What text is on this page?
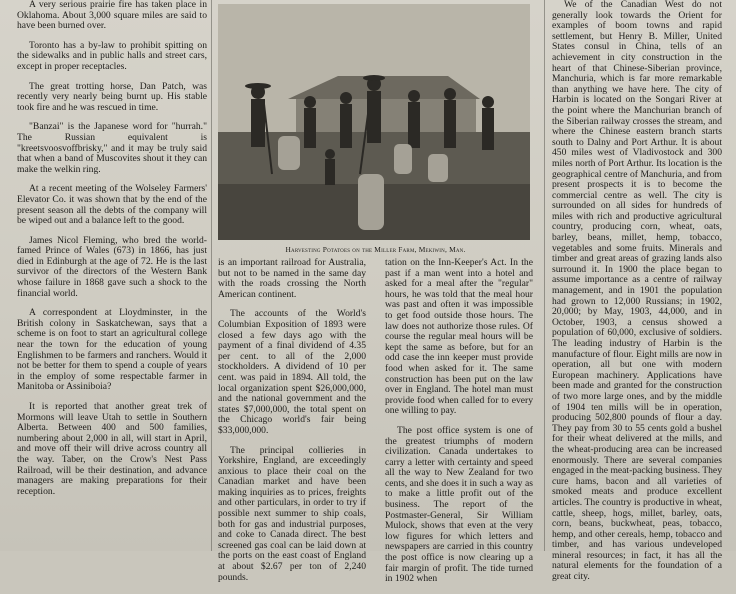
A very serious prairie fire has taken place in Oklahoma. About 3,000 square miles are said to have been burned over.

Toronto has a by-law to prohibit spitting on the sidewalks and in public halls and street cars, except in proper receptacles.

The great trotting horse, Dan Patch, was recently very nearly being burnt up. His stable took fire and he was rescued in time.

"Banzai" is the Japanese word for "hurrah." The Russian equivalent is "kreetsvoosvoffbrisky," and it may be truly said that when a band of Muscovites shout it they can make the welkin ring.

At a recent meeting of the Wolseley Farmers' Elevator Co. it was shown that by the end of the present season all the debts of the company will be wiped out and a balance left to the good.

James Nicol Fleming, who bred the world-famed Prince of Wales (673) in 1866, has just died in Edinburgh at the age of 72. He is the last survivor of the directors of the Western Bank whose failure in 1868 gave such a shock to the financial world.

A correspondent at Lloydminster, in the British colony in Saskatchewan, says that a scheme is on foot to start an agricultural college near the town for the education of young Englishmen to be farmers and ranchers. Would it not be better for them to spend a couple of years in the employ of some respectable farmer in Manitoba or Assiniboia?

It is reported that another great trek of Mormons will leave Utah to settle in Southern Alberta. Between 400 and 500 families, numbering about 2,000 in all, will start in April, and move off their will drive across country all the way. Taber, on the Crow's Nest Pass Railroad, will be their destination, and advance managers are making preparations for their reception.

Harvesting Potatoes on the Miller Farm, Mekiwin, Man.

is an important railroad for Australia, but not to be named in the same day with the roads crossing the North American continent.

The accounts of the World's Columbian Exposition of 1893 were closed a few days ago with the payment of a final dividend of 4.35 per cent. to all of the 2,000 stockholders. A dividend of 10 per cent. was paid in 1894. All told, the local organization spent $26,000,000, and the national government and the states $7,000,000, the total spent on the Chicago world's fair being $33,000,000.

The principal collieries in Yorkshire, England, are exceedingly anxious to place their coal on the Canadian market and have been making inquiries as to prices, freights and other particulars, in order to try if possible next summer to ship coals, both for gas and industrial purposes, and coke to Canada direct. The best screened gas coal can be laid down at the ports on the east coast of England at about $2.67 per ton of 2,240 pounds.

tation on the Inn-Keeper's Act. In the past if a man went into a hotel and asked for a meal after the "regular" hours, he was told that the meal hour was past and often it was impossible to get food outside those hours. The law does not authorize those rules. Of course the regular meal hours will be kept the same as before, but for an odd case the inn keeper must provide food when asked for it. The same construction has been put on the law over in England. The hotel man must provide food when called for to every one willing to pay.

The post office system is one of the greatest triumphs of modern civilization. Canada undertakes to carry a letter with certainty and speed all the way to New Zealand for two cents, and she does it in such a way as to make a little profit out of the business. The report of the Postmaster-General, Sir William Mulock, shows that even at the very low figures for which letters and newspapers are carried in this country the post office is now clearing up a fair margin of profit. The tide turned in 1902 when

We of the Canadian West do not generally look towards the Orient for examples of boom towns and rapid settlement, but Henry B. Miller, United States consul in China, tells of an achievement in city construction in the heart of that Chinese-Siberian province, Manchuria, which is far more remarkable than anything we have here. The city of Harbin is located on the Songari River at the point where the Manchurian branch of the Siberian railway crosses the stream, and where the Chinese eastern branch starts south to Dalny and Port Arthur. It is about 450 miles west of Vladivostock and 300 miles north of Port Arthur. Its location is the geographical centre of Manchuria, and from present prospects it is to become the commercial centre as well. The city is surrounded on all sides for hundreds of miles with rich and productive agricultural country, producing corn, wheat, oats, barley, beans, millet, hemp, tobacco, vegetables and some fruits. Minerals and timber and great areas of grazing lands also surround it. In 1900 the place began to assume importance as a centre of railway management, and in 1901 the population had grown to 12,000 Russians; in 1902, 20,000; by May, 1903, 44,000, and in October, 1903, a census showed a population of 60,000, exclusive of soldiers. The leading industry of Harbin is the manufacture of flour. Eight mills are now in operation, all but one with modern European machinery. Applications have been made and granted for the construction of two more large ones, and by the middle of 1904 ten mills will be in operation, producing 502,800 pounds of flour a day. They pay from 30 to 55 cents gold a bushel for their wheat delivered at the mills, and the wheat-producing area can be increased enormously. There are several companies engaged in the meat-packing business. They cure hams, bacon and all varieties of smoked meats and produce excellent articles. The country is productive in wheat, cattle, sheep, hogs, millet, barley, oats, corn, beans, buckwheat, peas, tobacco, hemp, and other cereals, hemp, tobacco and timber, and has various undeveloped mineral resources; in fact, it has all the natural elements for the foundation of a great city.
